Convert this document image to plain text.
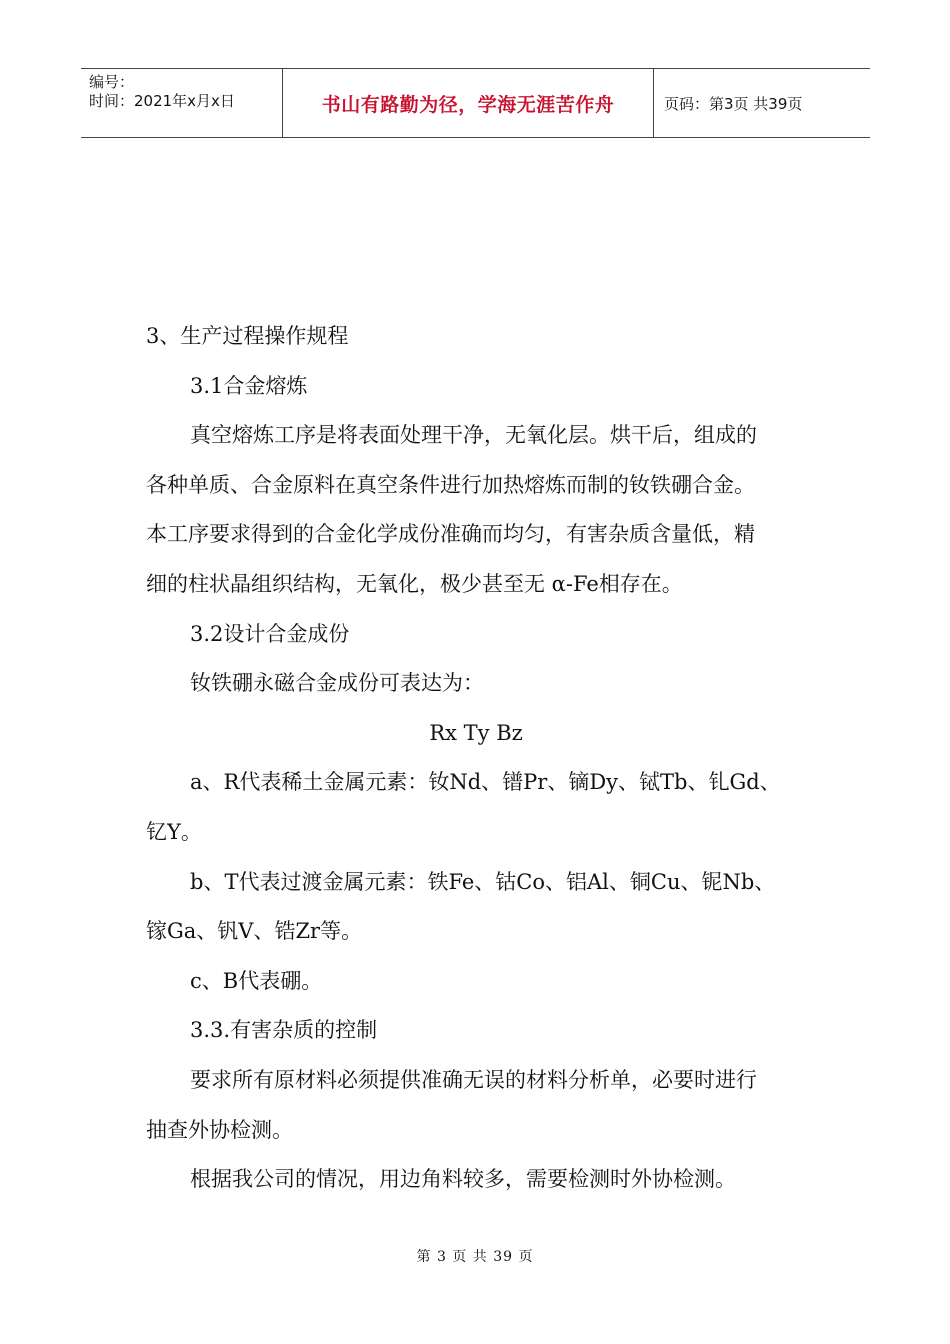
编号：
时间：2021年x月x日	书山有路勤为径，学海无涯苦作舟	页码：第3页 共39页

3、生产过程操作规程

3.1合金熔炼

真空熔炼工序是将表面处理干净，无氧化层。烘干后，组成的

各种单质、合金原料在真空条件进行加热熔炼而制的钕铁硼合金。

本工序要求得到的合金化学成份准确而均匀，有害杂质含量低，精

细的柱状晶组织结构，无氧化，极少甚至无 α-Fe相存在。

3.2设计合金成份

钕铁硼永磁合金成份可表达为：

Rx Ty Bz

a、R代表稀土金属元素：钕Nd、镨Pr、镝Dy、铽Tb、钆Gd、

钇Y。

b、T代表过渡金属元素：铁Fe、钴Co、铝Al、铜Cu、铌Nb、

镓Ga、钒V、锆Zr等。

c、B代表硼。

3.3.有害杂质的控制

要求所有原材料必须提供准确无误的材料分析单，必要时进行

抽查外协检测。

根据我公司的情况，用边角料较多，需要检测时外协检测。

第 3 页 共 39 页
